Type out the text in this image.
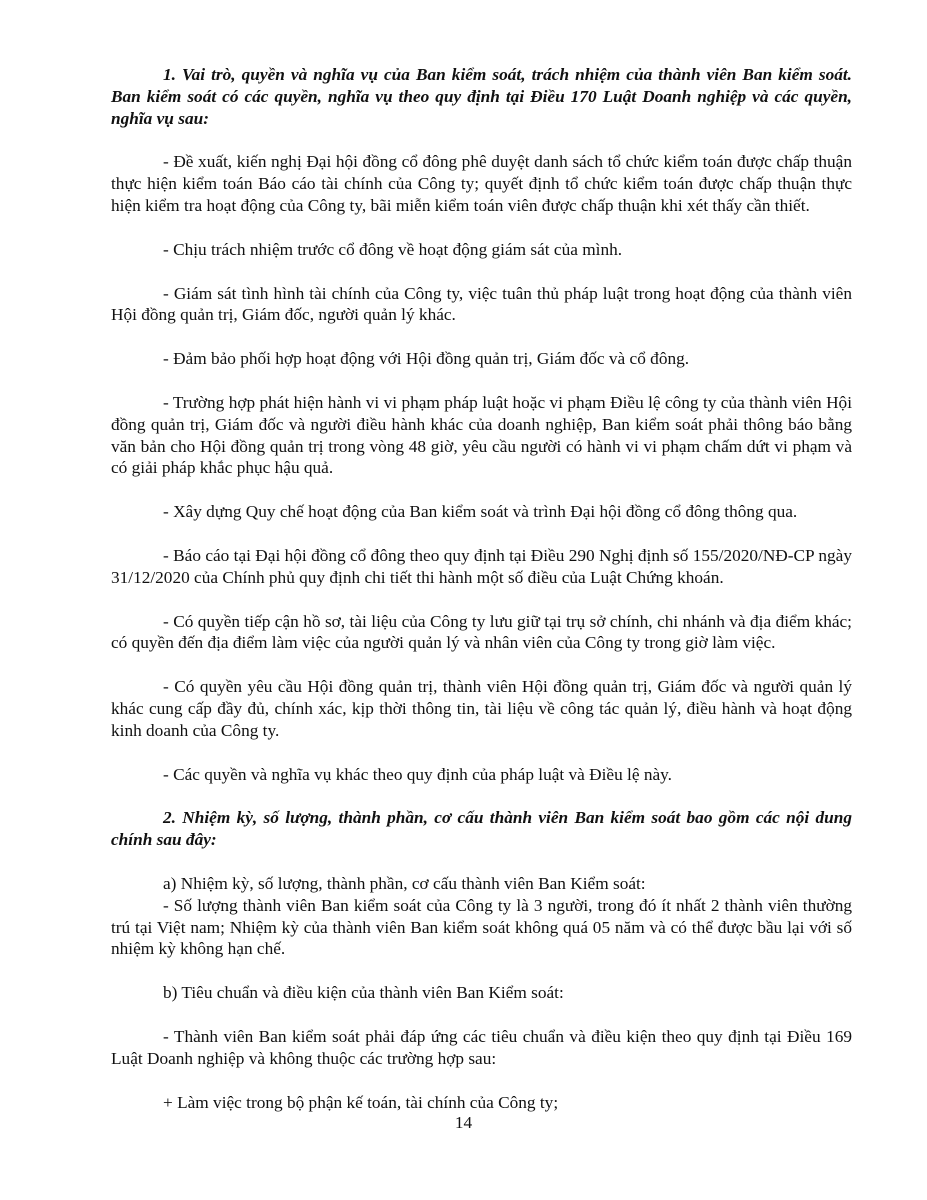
1. Vai trò, quyền và nghĩa vụ của Ban kiểm soát, trách nhiệm của thành viên Ban kiểm soát. Ban kiểm soát có các quyền, nghĩa vụ theo quy định tại Điều 170 Luật Doanh nghiệp và các quyền, nghĩa vụ sau:

- Đề xuất, kiến nghị Đại hội đồng cổ đông phê duyệt danh sách tổ chức kiểm toán được chấp thuận thực hiện kiểm toán Báo cáo tài chính của Công ty; quyết định tổ chức kiểm toán được chấp thuận thực hiện kiểm tra hoạt động của Công ty, bãi miễn kiểm toán viên được chấp thuận khi xét thấy cần thiết.

- Chịu trách nhiệm trước cổ đông về hoạt động giám sát của mình.

- Giám sát tình hình tài chính của Công ty, việc tuân thủ pháp luật trong hoạt động của thành viên Hội đồng quản trị, Giám đốc, người quản lý khác.

- Đảm bảo phối hợp hoạt động với Hội đồng quản trị, Giám đốc và cổ đông.

- Trường hợp phát hiện hành vi vi phạm pháp luật hoặc vi phạm Điều lệ công ty của thành viên Hội đồng quản trị, Giám đốc và người điều hành khác của doanh nghiệp, Ban kiểm soát phải thông báo bằng văn bản cho Hội đồng quản trị trong vòng 48 giờ, yêu cầu người có hành vi vi phạm chấm dứt vi phạm và có giải pháp khắc phục hậu quả.

- Xây dựng Quy chế hoạt động của Ban kiểm soát và trình Đại hội đồng cổ đông thông qua.

- Báo cáo tại Đại hội đồng cổ đông theo quy định tại Điều 290 Nghị định số 155/2020/NĐ-CP ngày 31/12/2020 của Chính phủ quy định chi tiết thi hành một số điều của Luật Chứng khoán.

- Có quyền tiếp cận hồ sơ, tài liệu của Công ty lưu giữ tại trụ sở chính, chi nhánh và địa điểm khác; có quyền đến địa điểm làm việc của người quản lý và nhân viên của Công ty trong giờ làm việc.

- Có quyền yêu cầu Hội đồng quản trị, thành viên Hội đồng quản trị, Giám đốc và người quản lý khác cung cấp đầy đủ, chính xác, kịp thời thông tin, tài liệu về công tác quản lý, điều hành và hoạt động kinh doanh của Công ty.

- Các quyền và nghĩa vụ khác theo quy định của pháp luật và Điều lệ này.

2. Nhiệm kỳ, số lượng, thành phần, cơ cấu thành viên Ban kiểm soát bao gồm các nội dung chính sau đây:

a) Nhiệm kỳ, số lượng, thành phần, cơ cấu thành viên Ban Kiểm soát:

- Số lượng thành viên Ban kiểm soát của Công ty là 3 người, trong đó ít nhất 2 thành viên thường trú tại Việt nam; Nhiệm kỳ của thành viên Ban kiểm soát không quá 05 năm và có thể được bầu lại với số nhiệm kỳ không hạn chế.

b) Tiêu chuẩn và điều kiện của thành viên Ban Kiểm soát:

- Thành viên Ban kiểm soát phải đáp ứng các tiêu chuẩn và điều kiện theo quy định tại Điều 169 Luật Doanh nghiệp và không thuộc các trường hợp sau:

+ Làm việc trong bộ phận kế toán, tài chính của Công ty;

14
